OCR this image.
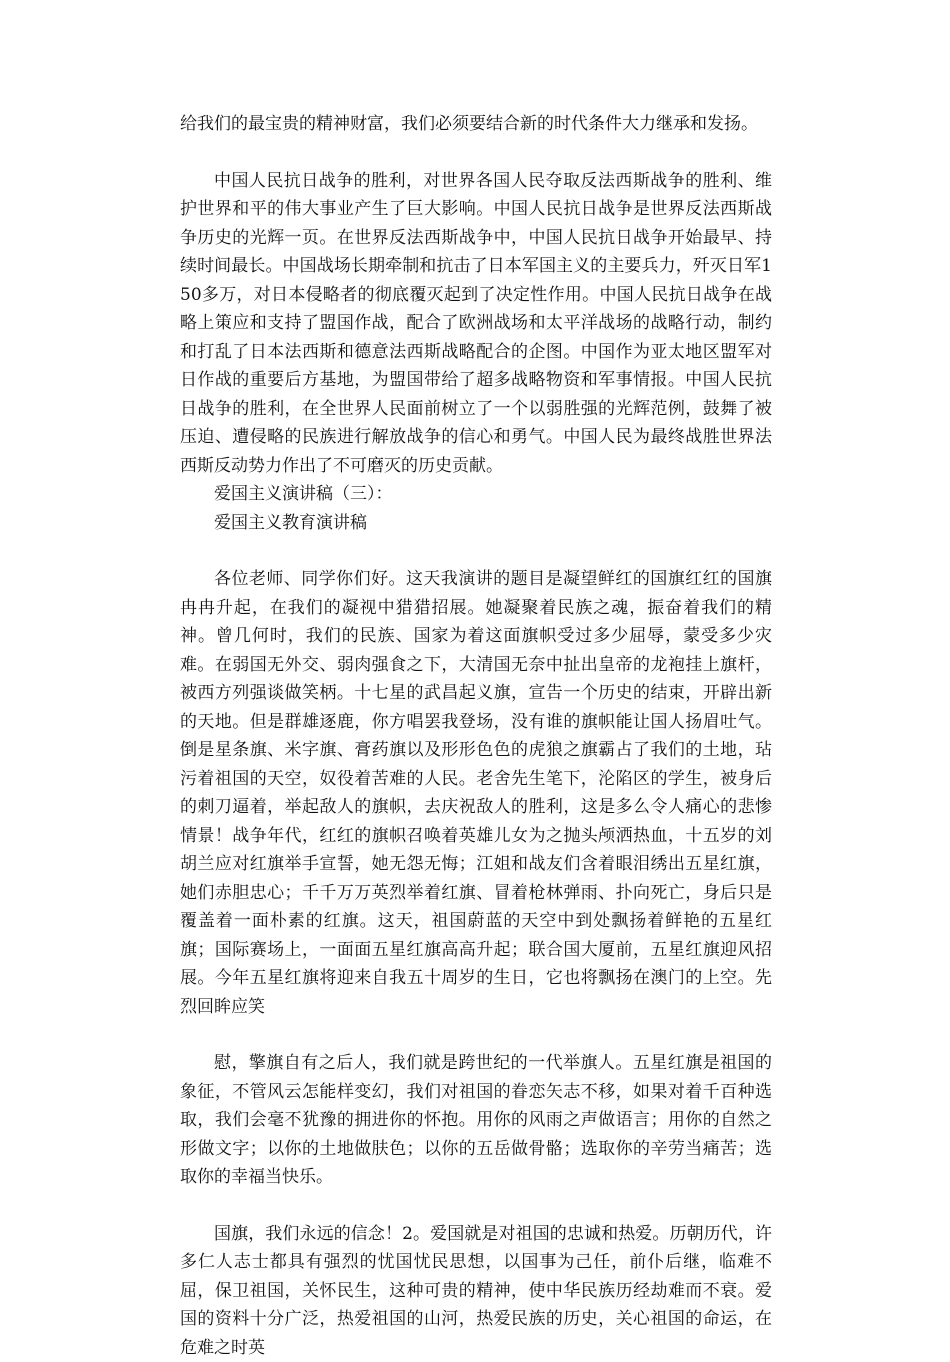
给我们的最宝贵的精神财富，我们必须要结合新的时代条件大力继承和发扬。

中国人民抗日战争的胜利，对世界各国人民夺取反法西斯战争的胜利、维护世界和平的伟大事业产生了巨大影响。中国人民抗日战争是世界反法西斯战争历史的光辉一页。在世界反法西斯战争中，中国人民抗日战争开始最早、持续时间最长。中国战场长期牵制和抗击了日本军国主义的主要兵力，歼灭日军150多万，对日本侵略者的彻底覆灭起到了决定性作用。中国人民抗日战争在战略上策应和支持了盟国作战，配合了欧洲战场和太平洋战场的战略行动，制约和打乱了日本法西斯和德意法西斯战略配合的企图。中国作为亚太地区盟军对日作战的重要后方基地，为盟国带给了超多战略物资和军事情报。中国人民抗日战争的胜利，在全世界人民面前树立了一个以弱胜强的光辉范例，鼓舞了被压迫、遭侵略的民族进行解放战争的信心和勇气。中国人民为最终战胜世界法西斯反动势力作出了不可磨灭的历史贡献。

爱国主义演讲稿（三）：

爱国主义教育演讲稿

各位老师、同学你们好。这天我演讲的题目是凝望鲜红的国旗红红的国旗冉冉升起，在我们的凝视中猎猎招展。她凝聚着民族之魂，振奋着我们的精神。曾几何时，我们的民族、国家为着这面旗帜受过多少屈辱，蒙受多少灾难。在弱国无外交、弱肉强食之下，大清国无奈中扯出皇帝的龙袍挂上旗杆，被西方列强谈做笑柄。十七星的武昌起义旗，宣告一个历史的结束，开辟出新的天地。但是群雄逐鹿，你方唱罢我登场，没有谁的旗帜能让国人扬眉吐气。倒是星条旗、米字旗、膏药旗以及形形色色的虎狼之旗霸占了我们的土地，玷污着祖国的天空，奴役着苦难的人民。老舍先生笔下，沦陷区的学生，被身后的刺刀逼着，举起敌人的旗帜，去庆祝敌人的胜利，这是多么令人痛心的悲惨情景！战争年代，红红的旗帜召唤着英雄儿女为之抛头颅洒热血，十五岁的刘胡兰应对红旗举手宣誓，她无怨无悔；江姐和战友们含着眼泪绣出五星红旗，她们赤胆忠心；千千万万英烈举着红旗、冒着枪林弹雨、扑向死亡，身后只是覆盖着一面朴素的红旗。这天，祖国蔚蓝的天空中到处飘扬着鲜艳的五星红旗；国际赛场上，一面面五星红旗高高升起；联合国大厦前，五星红旗迎风招展。今年五星红旗将迎来自我五十周岁的生日，它也将飘扬在澳门的上空。先烈回眸应笑

慰，擎旗自有之后人，我们就是跨世纪的一代举旗人。五星红旗是祖国的象征，不管风云怎能样变幻，我们对祖国的眷恋矢志不移，如果对着千百种选取，我们会毫不犹豫的拥进你的怀抱。用你的风雨之声做语言；用你的自然之形做文字；以你的土地做肤色；以你的五岳做骨骼；选取你的辛劳当痛苦；选取你的幸福当快乐。

国旗，我们永远的信念！2。爱国就是对祖国的忠诚和热爱。历朝历代，许多仁人志士都具有强烈的忧国忧民思想，以国事为己任，前仆后继，临难不屈，保卫祖国，关怀民生，这种可贵的精神，使中华民族历经劫难而不衰。爱国的资料十分广泛，热爱祖国的山河，热爱民族的历史，关心祖国的命运，在危难之时英
